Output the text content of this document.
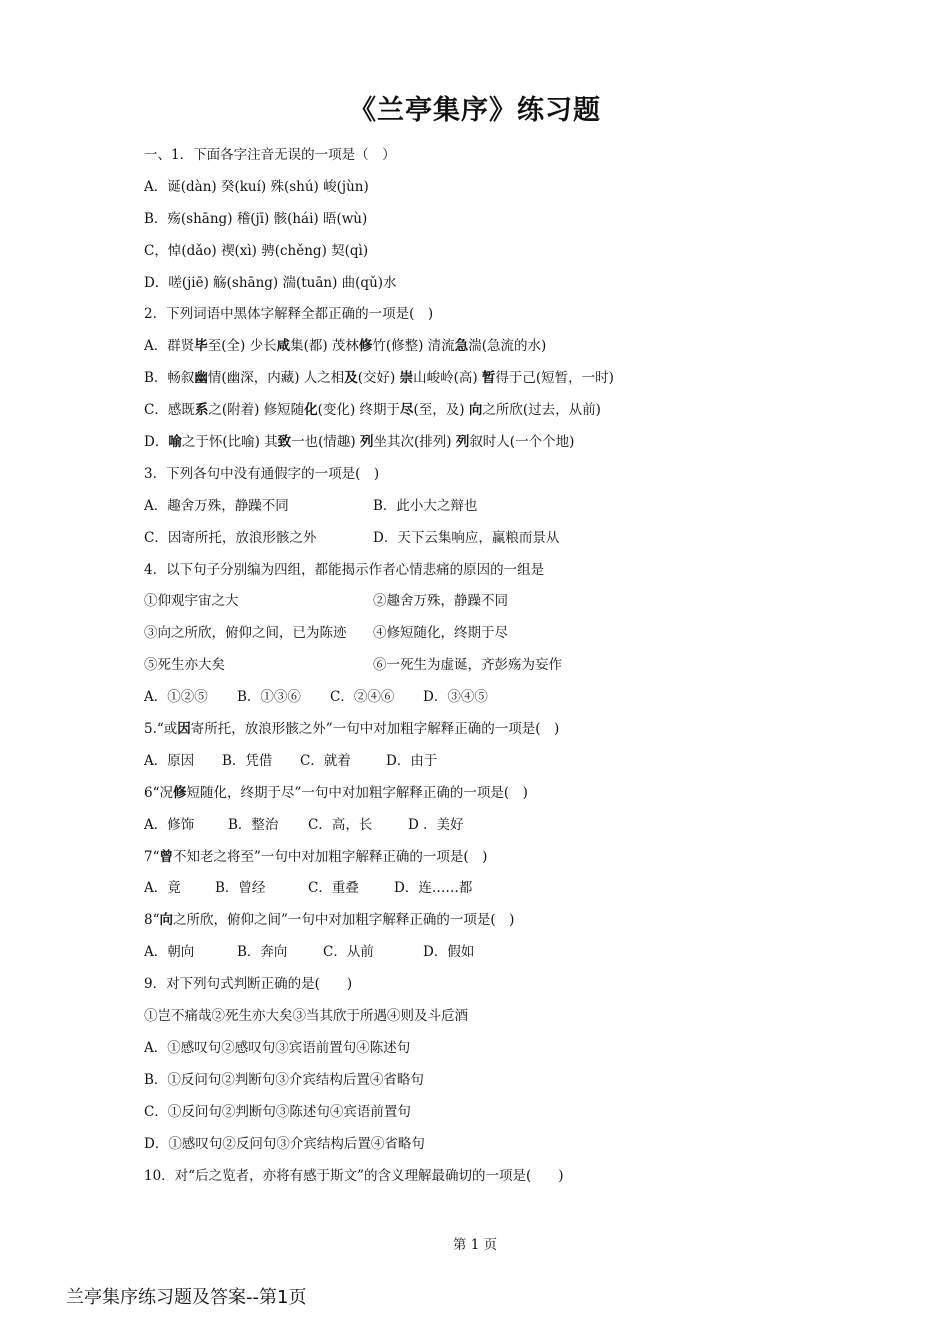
《兰亭集序》练习题
一、1．下面各字注音无误的一项是（　）
A．诞(dàn) 癸(kuí) 殊(shú) 峻(jùn)
B．殇(shāng) 稽(jī) 骸(hái) 晤(wù)
C，悼(dǎo) 禊(xì) 骋(chěng) 契(qì)
D．嗟(jiē) 觞(shāng) 湍(tuān) 曲(qǔ)水
2．下列词语中黑体字解释全都正确的一项是(　)
A．群贤毕至(全) 少长咸集(都) 茂林修竹(修整) 清流急湍(急流的水)
B．畅叙幽情(幽深，内藏) 人之相及(交好) 崇山峻岭(高) 暂得于己(短暂，一时)
C．感既系之(附着) 修短随化(变化) 终期于尽(至，及) 向之所欣(过去，从前)
D．喻之于怀(比喻) 其致一也(情趣) 列坐其次(排列) 列叙时人(一个个地)
3．下列各句中没有通假字的一项是(　)
A．趣舍万殊，静躁不同	B．此小大之辩也
C．因寄所托，放浪形骸之外	D．天下云集响应，赢粮而景从
4．以下句子分别编为四组，都能揭示作者心情悲痛的原因的一组是
①仰观宇宙之大	②趣舍万殊，静躁不同
③向之所欣，俯仰之间，已为陈迹	④修短随化，终期于尽
⑤死生亦大矣	⑥一死生为虚诞，齐彭殇为妄作
A．①②⑤ B．①③⑥ C．②④⑥ D．③④⑤
5.“或因寄所托，放浪形骸之外”一句中对加粗字解释正确的一项是(　)
A．原因 B．凭借 C．就着	D．由于
6“况修短随化，终期于尽”一句中对加粗字解释正确的一项是(　)
A．修饰	B．整治 C．高，长	D ．美好
7“曾不知老之将至”一句中对加粗字解释正确的一项是(　)
A．竟	B．曾经	C．重叠	D．连……都
8“向之所欣，俯仰之间”一句中对加粗字解释正确的一项是(　)
A．朝向	B．奔向	C．从前	D．假如
9．对下列句式判断正确的是(　　)
①岂不痛哉②死生亦大矣③当其欣于所遇④则及斗卮酒
A．①感叹句②感叹句③宾语前置句④陈述句
B．①反问句②判断句③介宾结构后置④省略句
C．①反问句②判断句③陈述句④宾语前置句
D．①感叹句②反问句③介宾结构后置④省略句
10．对“后之览者，亦将有感于斯文”的含义理解最确切的一项是(　　)
第 1 页
兰亭集序练习题及答案--第1页
